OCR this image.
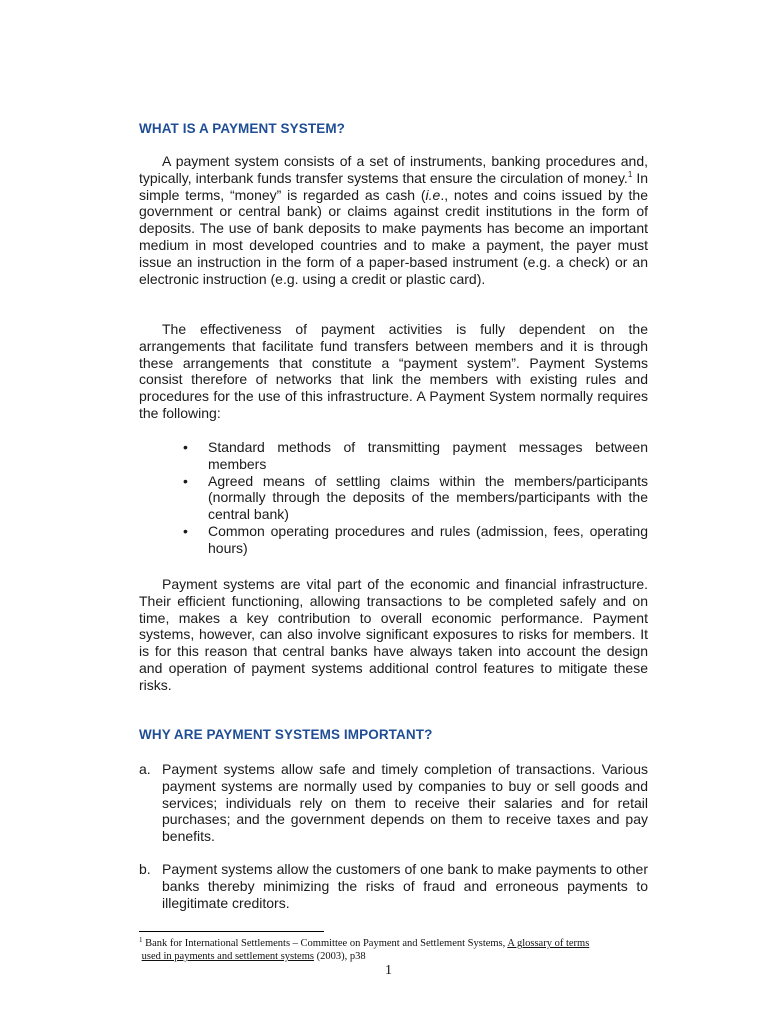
WHAT IS A PAYMENT SYSTEM?
A payment system consists of a set of instruments, banking procedures and, typically, interbank funds transfer systems that ensure the circulation of money.$^1$ In simple terms, “money” is regarded as cash (i.e., notes and coins issued by the government or central bank) or claims against credit institutions in the form of deposits. The use of bank deposits to make payments has become an important medium in most developed countries and to make a payment, the payer must issue an instruction in the form of a paper-based instrument (e.g. a check) or an electronic instruction (e.g. using a credit or plastic card).
The effectiveness of payment activities is fully dependent on the arrangements that facilitate fund transfers between members and it is through these arrangements that constitute a “payment system”. Payment Systems consist therefore of networks that link the members with existing rules and procedures for the use of this infrastructure. A Payment System normally requires the following:
• Standard methods of transmitting payment messages between members
• Agreed means of settling claims within the members/participants (normally through the deposits of the members/participants with the central bank)
• Common operating procedures and rules (admission, fees, operating hours)
Payment systems are vital part of the economic and financial infrastructure. Their efficient functioning, allowing transactions to be completed safely and on time, makes a key contribution to overall economic performance. Payment systems, however, can also involve significant exposures to risks for members. It is for this reason that central banks have always taken into account the design and operation of payment systems additional control features to mitigate these risks.
WHY ARE PAYMENT SYSTEMS IMPORTANT?
a. Payment systems allow safe and timely completion of transactions. Various payment systems are normally used by companies to buy or sell goods and services; individuals rely on them to receive their salaries and for retail purchases; and the government depends on them to receive taxes and pay benefits.
b. Payment systems allow the customers of one bank to make payments to other banks thereby minimizing the risks of fraud and erroneous payments to illegitimate creditors.
$^1$ Bank for International Settlements – Committee on Payment and Settlement Systems, A glossary of terms
used in payments and settlement systems (2003), p38
1
